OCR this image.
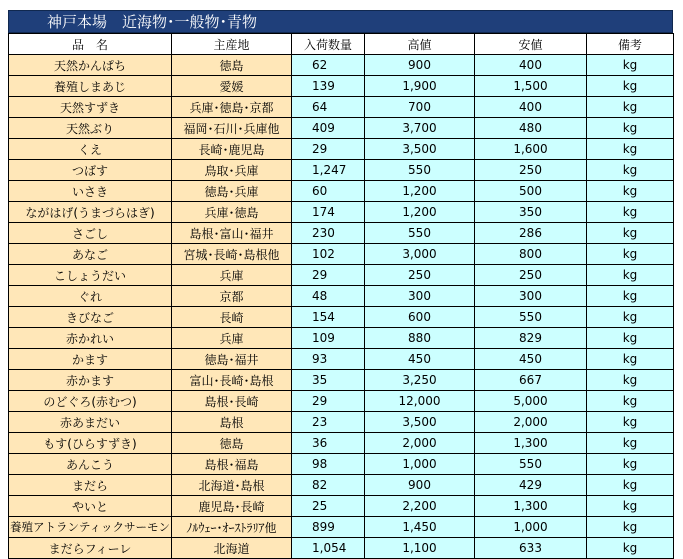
神戸本場　近海物･一般物･青物
品　名	主産地	入荷数量	高値	安値	備考
天然かんぱち	徳島	62	900	400	kg
養殖しまあじ	愛媛	139	1,900	1,500	kg
天然すずき	兵庫･徳島･京都	64	700	400	kg
天然ぶり	福岡･石川･兵庫他	409	3,700	480	kg
くえ	長崎･鹿児島	29	3,500	1,600	kg
つばす	鳥取･兵庫	1,247	550	250	kg
いさき	徳島･兵庫	60	1,200	500	kg
ながはげ(うまづらはぎ)	兵庫･徳島	174	1,200	350	kg
さごし	島根･富山･福井	230	550	286	kg
あなご	宮城･長崎･島根他	102	3,000	800	kg
こしょうだい	兵庫	29	250	250	kg
ぐれ	京都	48	300	300	kg
きびなご	長崎	154	600	550	kg
赤かれい	兵庫	109	880	829	kg
かます	徳島･福井	93	450	450	kg
赤かます	富山･長崎･島根	35	3,250	667	kg
のどぐろ(赤むつ)	島根･長崎	29	12,000	5,000	kg
赤あまだい	島根	23	3,500	2,000	kg
もす(ひらすずき)	徳島	36	2,000	1,300	kg
あんこう	島根･福島	98	1,000	550	kg
まだら	北海道･島根	82	900	429	kg
やいと	鹿児島･長崎	25	2,200	1,300	kg
養殖アトランティックサーモン	ﾉﾙｳｪｰ･ｵｰｽﾄﾗﾘｱ他	899	1,450	1,000	kg
まだらフィーレ	北海道	1,054	1,100	633	kg
